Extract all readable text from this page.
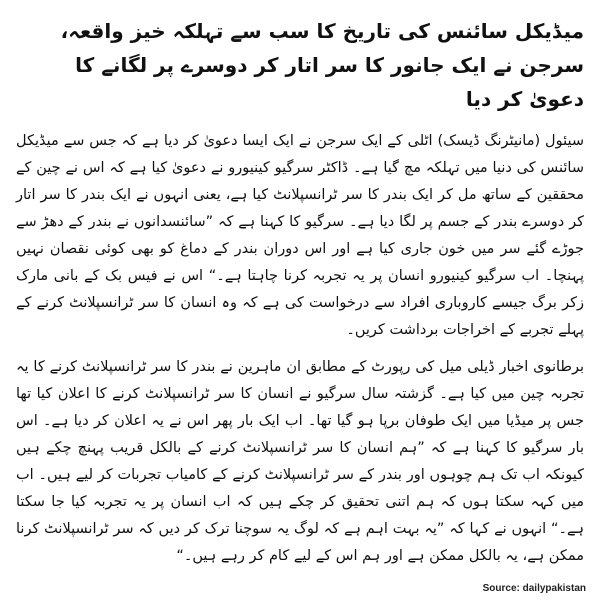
میڈیکل سائنس کی تاریخ کا سب سے تہلکہ خیز واقعہ، سرجن نے ایک جانور کا سر اتار کر دوسرے پر لگانے کا دعویٰ کر دیا

سیئول (مانیٹرنگ ڈیسک) اٹلی کے ایک سرجن نے ایک ایسا دعویٰ کر دیا ہے کہ جس سے میڈیکل سائنس کی دنیا میں تہلکہ مچ گیا ہے۔ ڈاکٹر سرگیو کینیورو نے دعویٰ کیا ہے کہ اس نے چین کے محققین کے ساتھ مل کر ایک بندر کا سر ٹرانسپلانٹ کیا ہے، یعنی انہوں نے ایک بندر کا سر اتار کر دوسرے بندر کے جسم پر لگا دیا ہے۔ سرگیو کا کہنا ہے کہ ”سائنسدانوں نے بندر کے دھڑ سے جوڑے گئے سر میں خون جاری کیا ہے اور اس دوران بندر کے دماغ کو بھی کوئی نقصان نہیں پہنچا۔ اب سرگیو کینیورو انسان پر یہ تجربہ کرنا چاہتا ہے۔“ اس نے فیس بک کے بانی مارک زکر برگ جیسے کاروباری افراد سے درخواست کی ہے کہ وہ انسان کا سر ٹرانسپلانٹ کرنے کے پہلے تجربے کے اخراجات برداشت کریں۔

برطانوی اخبار ڈیلی میل کی رپورٹ کے مطابق ان ماہرین نے بندر کا سر ٹرانسپلانٹ کرنے کا یہ تجربہ چین میں کیا ہے۔ گزشتہ سال سرگیو نے انسان کا سر ٹرانسپلانٹ کرنے کا اعلان کیا تھا جس پر میڈیا میں ایک طوفان برپا ہو گیا تھا۔ اب ایک بار پھر اس نے یہ اعلان کر دیا ہے۔ اس بار سرگیو کا کہنا ہے کہ ”ہم انسان کا سر ٹرانسپلانٹ کرنے کے بالکل قریب پہنچ چکے ہیں کیونکہ اب تک ہم چوہوں اور بندر کے سر ٹرانسپلانٹ کرنے کے کامیاب تجربات کر لیے ہیں۔ اب میں کہہ سکتا ہوں کہ ہم اتنی تحقیق کر چکے ہیں کہ اب انسان پر یہ تجربہ کیا جا سکتا ہے۔“ انہوں نے کہا کہ ”یہ بہت اہم ہے کہ لوگ یہ سوچنا ترک کر دیں کہ سر ٹرانسپلانٹ کرنا ممکن ہے، یہ بالکل ممکن ہے اور ہم اس کے لیے کام کر رہے ہیں۔“

Source: dailypakistan
